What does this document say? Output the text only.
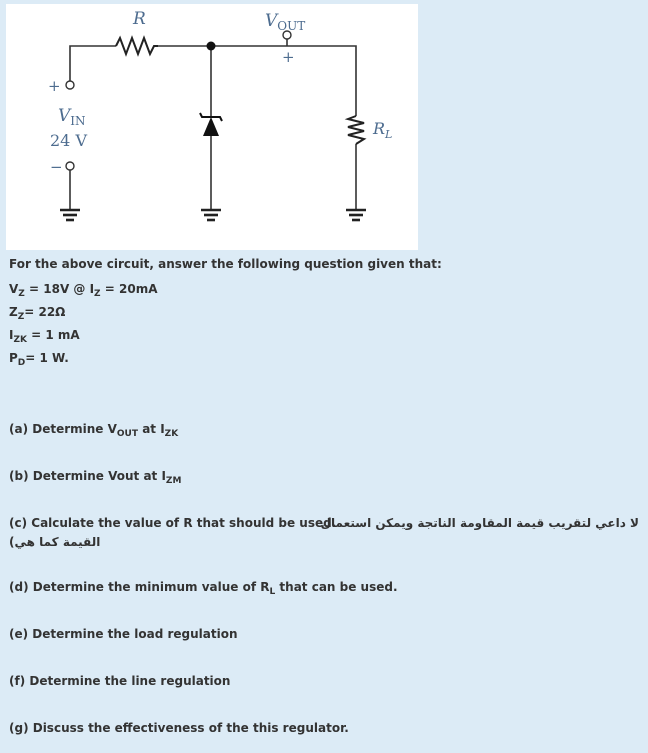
R	$V_{OUT}$
+
+
$V_{IN}$
24 V
−
$R_L$
For the above circuit, answer the following question given that:
$V_Z = 18V$ @ $I_Z = 20mA$
$Z_Z= 22\Omega$
$I_{ZK} = 1$ mA
$P_D= 1$ W.
(a) Determine $V_{OUT}$ at $I_{ZK}$
(b) Determine Vout at $I_{ZM}$
(c) Calculate the value of R that should be used.
لا داعي لتقريب قيمة المقاومة الناتجة ويمكن استعمال
القيمة كما هي)
(d) Determine the minimum value of $R_L$ that can be used.
(e) Determine the load regulation
(f) Determine the line regulation
(g) Discuss the effectiveness of the this regulator.
